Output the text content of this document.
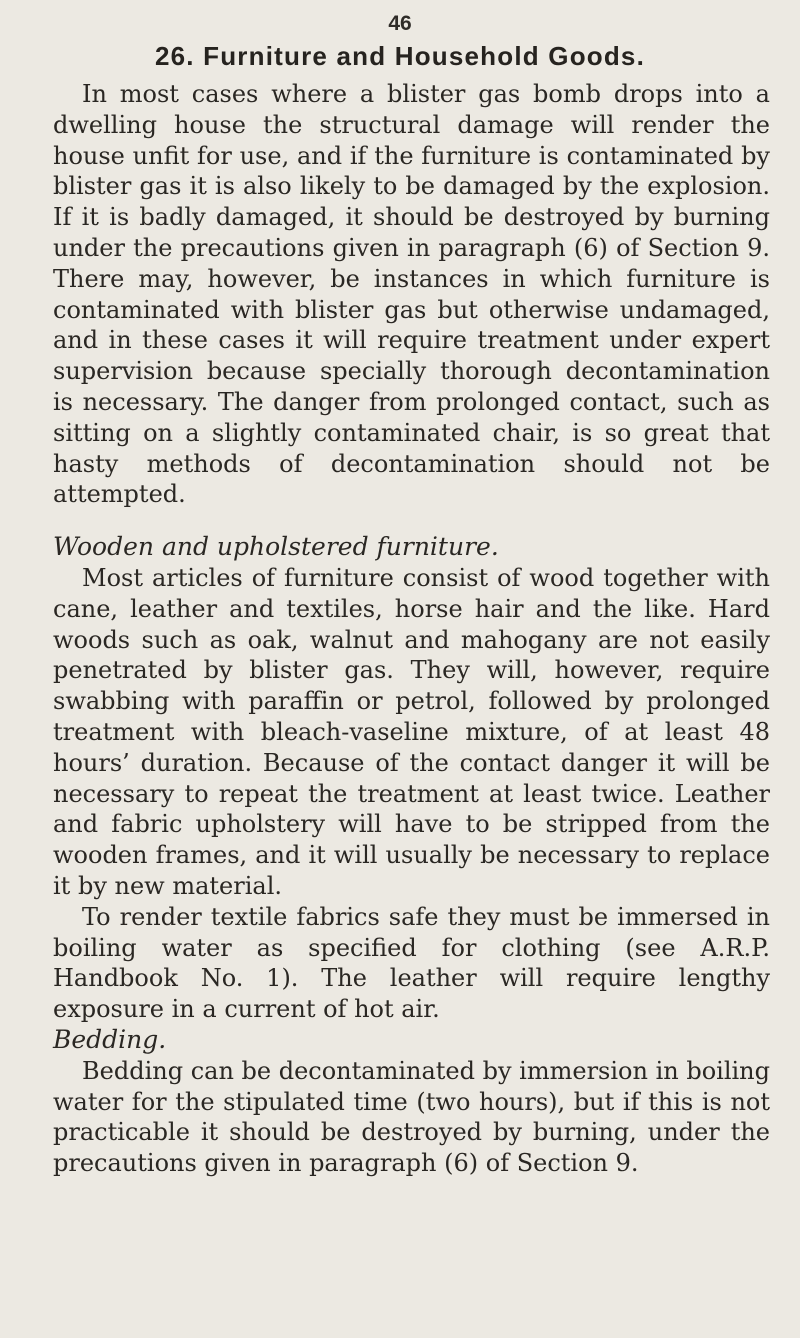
46
26. Furniture and Household Goods.

In most cases where a blister gas bomb drops into a dwelling house the structural damage will render the house unfit for use, and if the furniture is contaminated by blister gas it is also likely to be damaged by the explosion. If it is badly damaged, it should be destroyed by burning under the precautions given in paragraph (6) of Section 9. There may, however, be instances in which furniture is contaminated with blister gas but otherwise undamaged, and in these cases it will require treatment under expert supervision because specially thorough decontamination is necessary. The danger from prolonged contact, such as sitting on a slightly contaminated chair, is so great that hasty methods of decontamination should not be attempted.

Wooden and upholstered furniture.

Most articles of furniture consist of wood together with cane, leather and textiles, horse hair and the like. Hard woods such as oak, walnut and mahogany are not easily penetrated by blister gas. They will, however, require swabbing with paraffin or petrol, followed by prolonged treatment with bleach-vaseline mixture, of at least 48 hours’ duration. Because of the contact danger it will be necessary to repeat the treatment at least twice. Leather and fabric upholstery will have to be stripped from the wooden frames, and it will usually be necessary to replace it by new material.

To render textile fabrics safe they must be immersed in boiling water as specified for clothing (see A.R.P. Handbook No. 1). The leather will require lengthy exposure in a current of hot air.

Bedding.

Bedding can be decontaminated by immersion in boiling water for the stipulated time (two hours), but if this is not practicable it should be destroyed by burning, under the precautions given in paragraph (6) of Section 9.
